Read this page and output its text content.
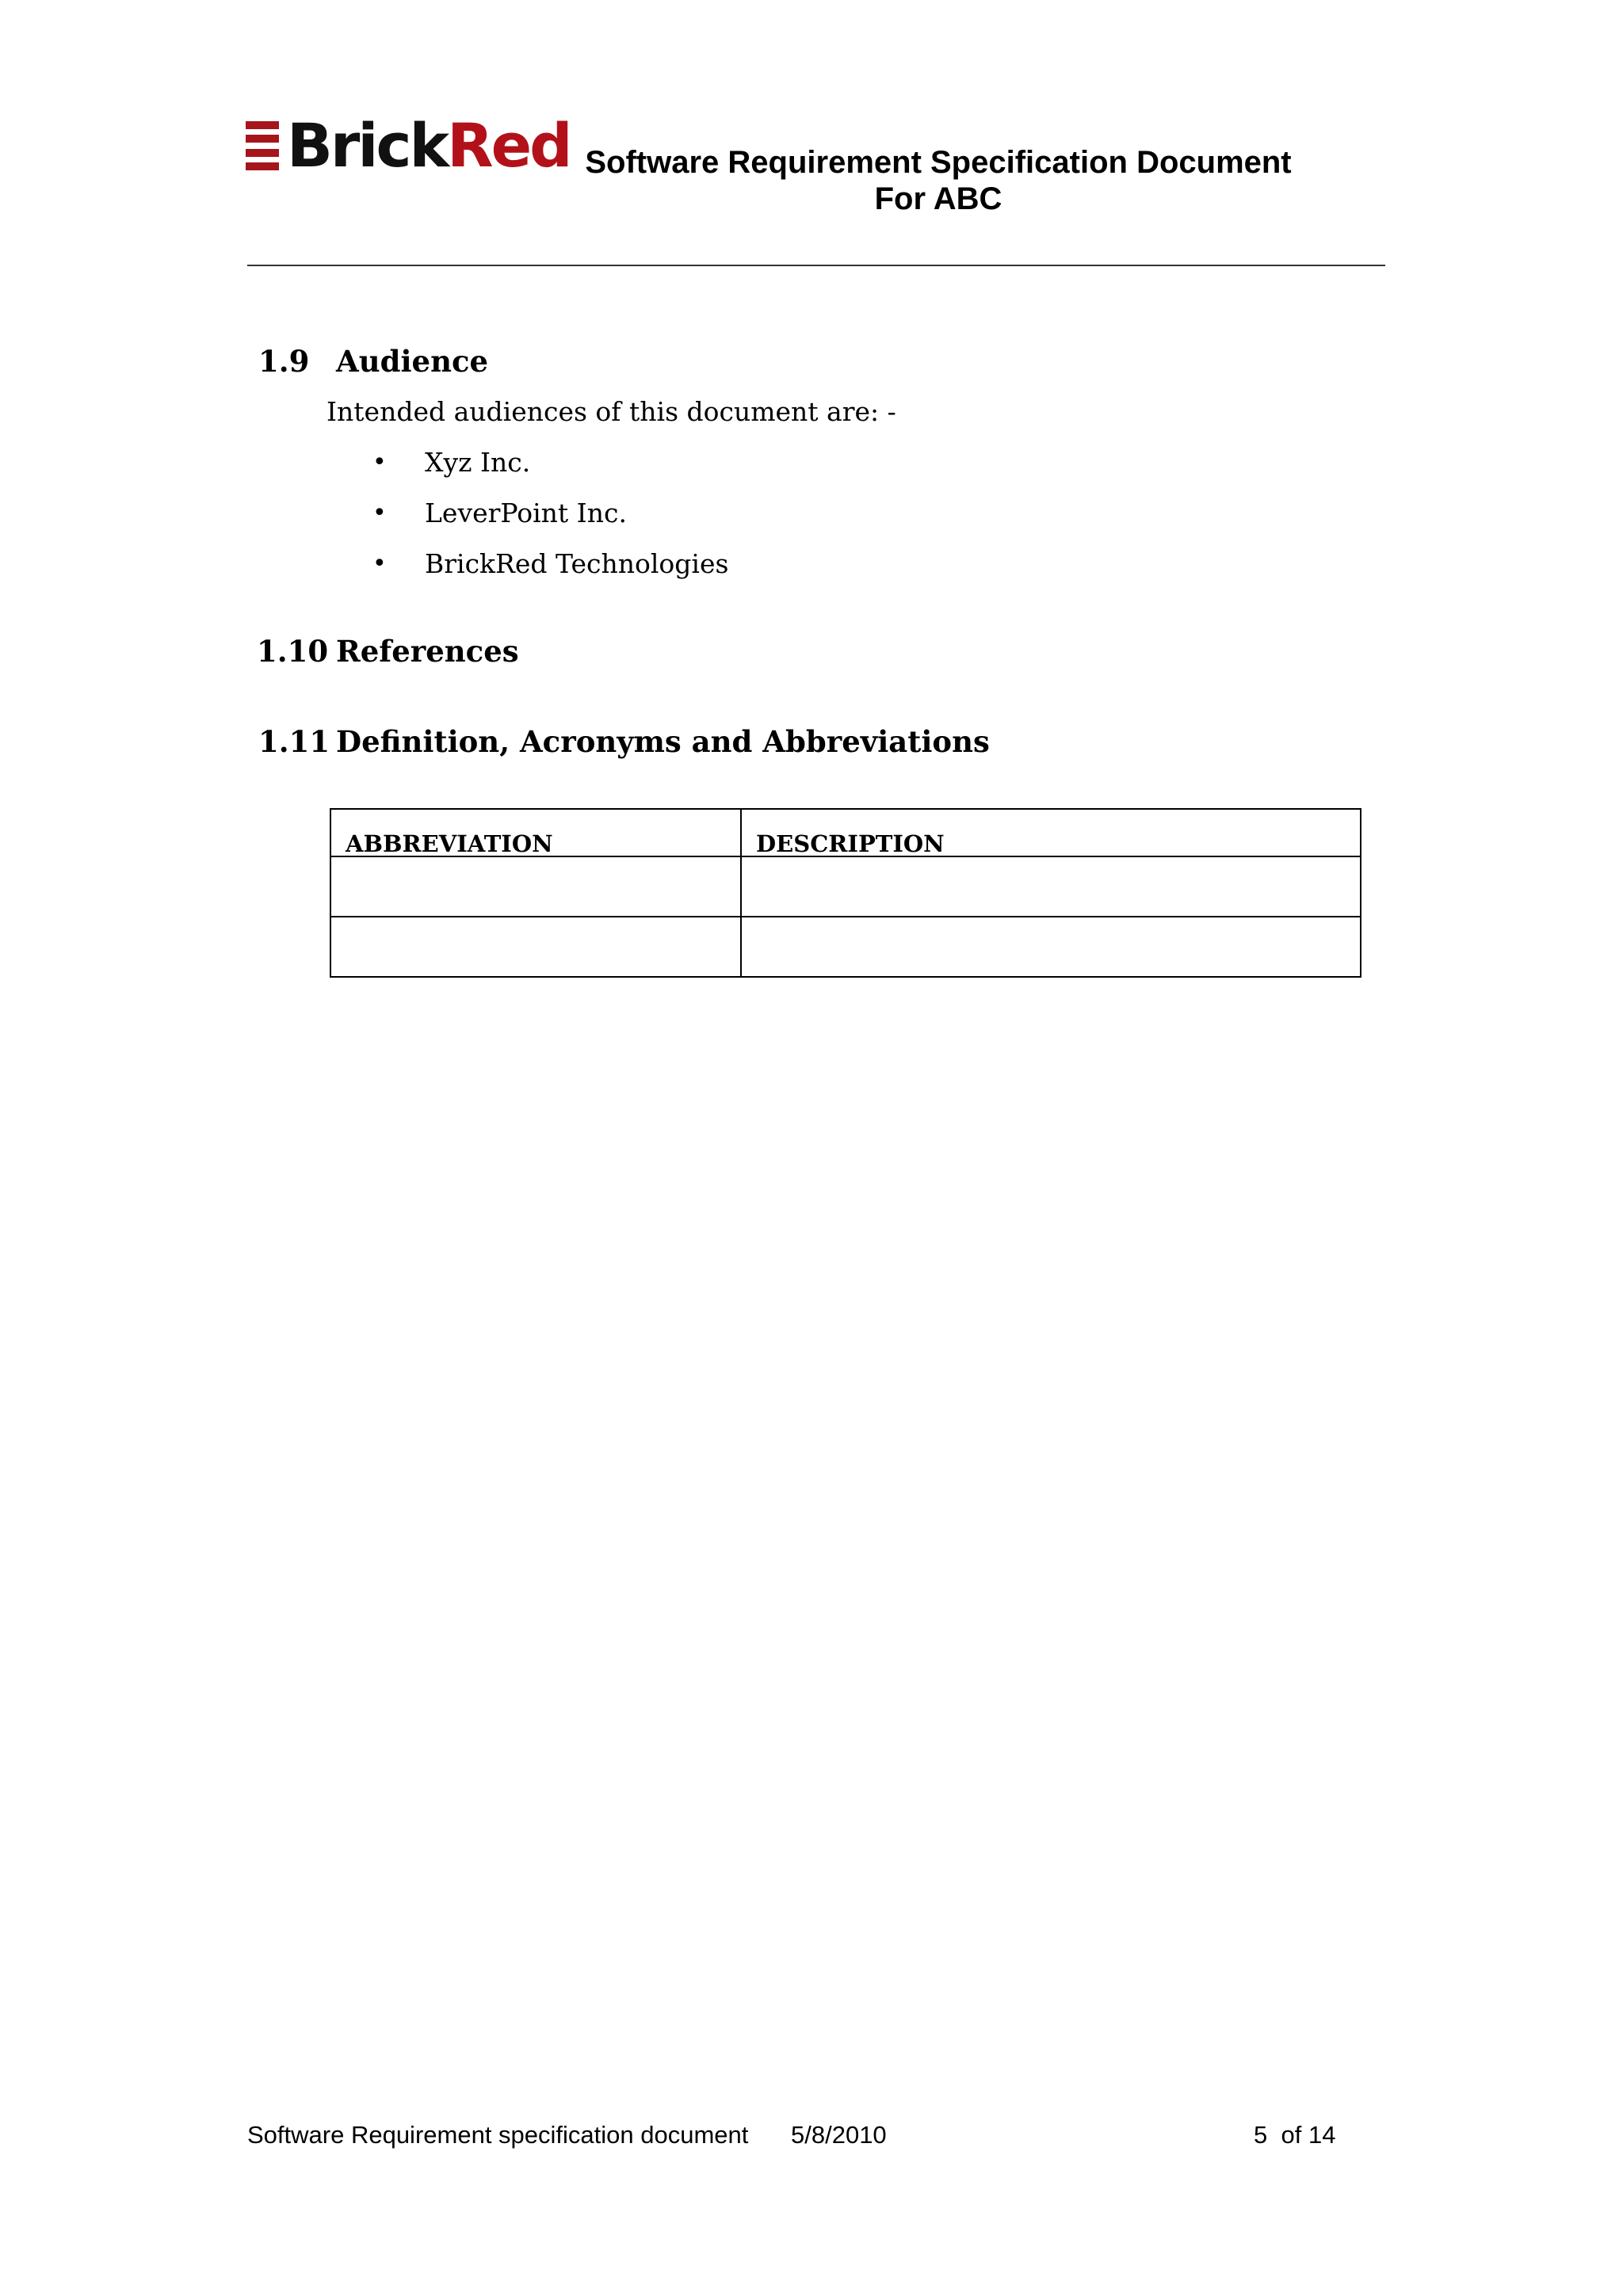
BrickRed Software Requirement Specification Document
For ABC
1.9 Audience
Intended audiences of this document are: -
•	Xyz Inc.
•	LeverPoint Inc.
•	BrickRed Technologies
1.10 References
1.11 Definition, Acronyms and Abbreviations
ABBREVIATION	DESCRIPTION

Software Requirement specification document 5/8/2010	5 of 14
